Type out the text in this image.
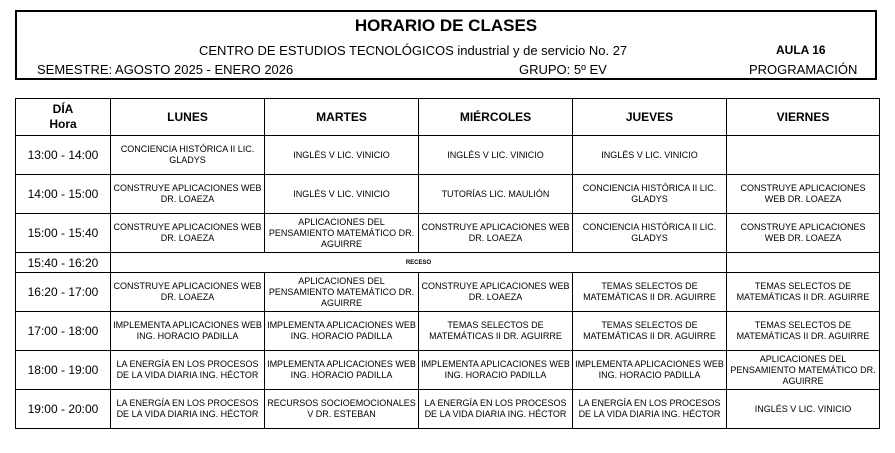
HORARIO DE CLASES
CENTRO DE ESTUDIOS TECNOLÓGICOS industrial y de servicio No. 27	AULA 16
SEMESTRE: AGOSTO 2025 - ENERO 2026	GRUPO: 5º EV	PROGRAMACIÓN
DÍA
Hora	LUNES	MARTES	MIÉRCOLES	JUEVES	VIERNES
13:00 - 14:00	CONCIENCIA HISTÓRICA II LIC. GLADYS	INGLÉS V LIC. VINICIO	INGLÉS V LIC. VINICIO	INGLÉS V LIC. VINICIO	
14:00 - 15:00	CONSTRUYE APLICACIONES WEB DR. LOAEZA	INGLÉS V LIC. VINICIO	TUTORÍAS LIC. MAULIÓN	CONCIENCIA HISTÓRICA II LIC. GLADYS	CONSTRUYE APLICACIONES WEB DR. LOAEZA
15:00 - 15:40	CONSTRUYE APLICACIONES WEB DR. LOAEZA	APLICACIONES DEL PENSAMIENTO MATEMÁTICO DR. AGUIRRE	CONSTRUYE APLICACIONES WEB DR. LOAEZA	CONCIENCIA HISTÓRICA II LIC. GLADYS	CONSTRUYE APLICACIONES WEB DR. LOAEZA
15:40 - 16:20	RECESO				
16:20 - 17:00	CONSTRUYE APLICACIONES WEB DR. LOAEZA	APLICACIONES DEL PENSAMIENTO MATEMÁTICO DR. AGUIRRE	CONSTRUYE APLICACIONES WEB DR. LOAEZA	TEMAS SELECTOS DE MATEMÁTICAS II DR. AGUIRRE	TEMAS SELECTOS DE MATEMÁTICAS II DR. AGUIRRE
17:00 - 18:00	IMPLEMENTA APLICACIONES WEB ING. HORACIO PADILLA	IMPLEMENTA APLICACIONES WEB ING. HORACIO PADILLA	TEMAS SELECTOS DE MATEMÁTICAS II DR. AGUIRRE	TEMAS SELECTOS DE MATEMÁTICAS II DR. AGUIRRE	TEMAS SELECTOS DE MATEMÁTICAS II DR. AGUIRRE
18:00 - 19:00	LA ENERGÍA EN LOS PROCESOS DE LA VIDA DIARIA ING. HÉCTOR	IMPLEMENTA APLICACIONES WEB ING. HORACIO PADILLA	IMPLEMENTA APLICACIONES WEB ING. HORACIO PADILLA	IMPLEMENTA APLICACIONES WEB ING. HORACIO PADILLA	APLICACIONES DEL PENSAMIENTO MATEMÁTICO DR. AGUIRRE
19:00 - 20:00	LA ENERGÍA EN LOS PROCESOS DE LA VIDA DIARIA ING. HÉCTOR	RECURSOS SOCIOEMOCIONALES V DR. ESTEBAN	LA ENERGÍA EN LOS PROCESOS DE LA VIDA DIARIA ING. HÉCTOR	LA ENERGÍA EN LOS PROCESOS DE LA VIDA DIARIA ING. HÉCTOR	INGLÉS V LIC. VINICIO
